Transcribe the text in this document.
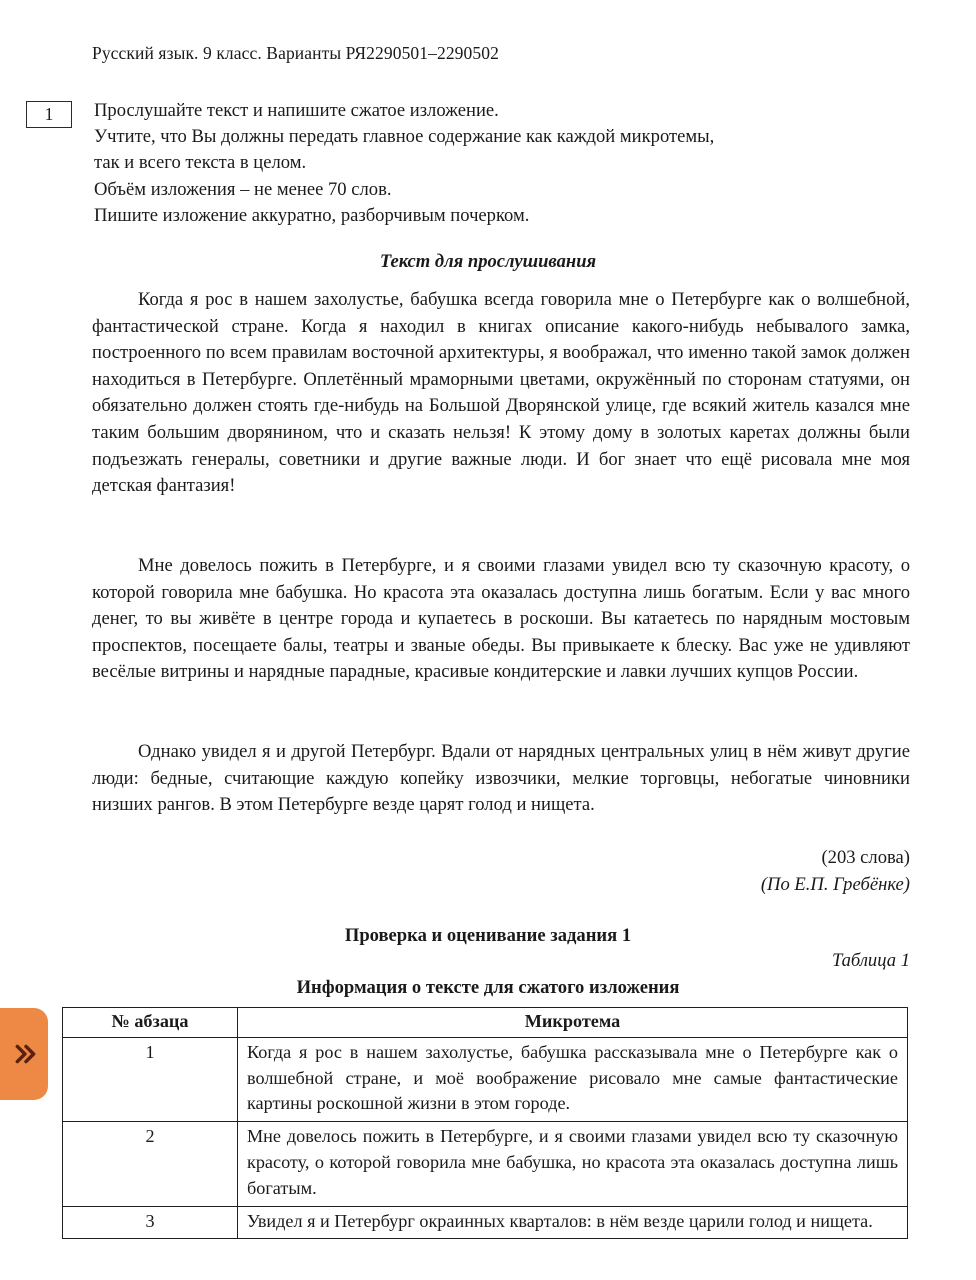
Русский язык. 9 класс. Варианты РЯ2290501–2290502
1	Прослушайте текст и напишите сжатое изложение.
Учтите, что Вы должны передать главное содержание как каждой микротемы,
так и всего текста в целом.
Объём изложения – не менее 70 слов.
Пишите изложение аккуратно, разборчивым почерком.
Текст для прослушивания

Когда я рос в нашем захолустье, бабушка всегда говорила мне о Петербурге как о волшебной, фантастической стране. Когда я находил в книгах описание какого-нибудь небывалого замка, построенного по всем правилам восточной архитектуры, я воображал, что именно такой замок должен находиться в Петербурге. Оплетённый мраморными цветами, окружённый по сторонам статуями, он обязательно должен стоять где-нибудь на Большой Дворянской улице, где всякий житель казался мне таким большим дворянином, что и сказать нельзя! К этому дому в золотых каретах должны были подъезжать генералы, советники и другие важные люди. И бог знает что ещё рисовала мне моя детская фантазия!

Мне довелось пожить в Петербурге, и я своими глазами увидел всю ту сказочную красоту, о которой говорила мне бабушка. Но красота эта оказалась доступна лишь богатым. Если у вас много денег, то вы живёте в центре города и купаетесь в роскоши. Вы катаетесь по нарядным мостовым проспектов, посещаете балы, театры и званые обеды. Вы привыкаете к блеску. Вас уже не удивляют весёлые витрины и нарядные парадные, красивые кондитерские и лавки лучших купцов России.

Однако увидел я и другой Петербург. Вдали от нарядных центральных улиц в нём живут другие люди: бедные, считающие каждую копейку извозчики, мелкие торговцы, небогатые чиновники низших рангов. В этом Петербурге везде царят голод и нищета.

(203 слова)
(По Е.П. Гребёнке)
Проверка и оценивание задания 1
Таблица 1
Информация о тексте для сжатого изложения
№ абзаца	Микротема
1	Когда я рос в нашем захолустье, бабушка рассказывала мне о Петербурге как о волшебной стране, и моё воображение рисовало мне самые фантастические картины роскошной жизни в этом городе.
2	Мне довелось пожить в Петербурге, и я своими глазами увидел всю ту сказочную красоту, о которой говорила мне бабушка, но красота эта оказалась доступна лишь богатым.
3	Увидел я и Петербург окраинных кварталов: в нём везде царили голод и нищета.
